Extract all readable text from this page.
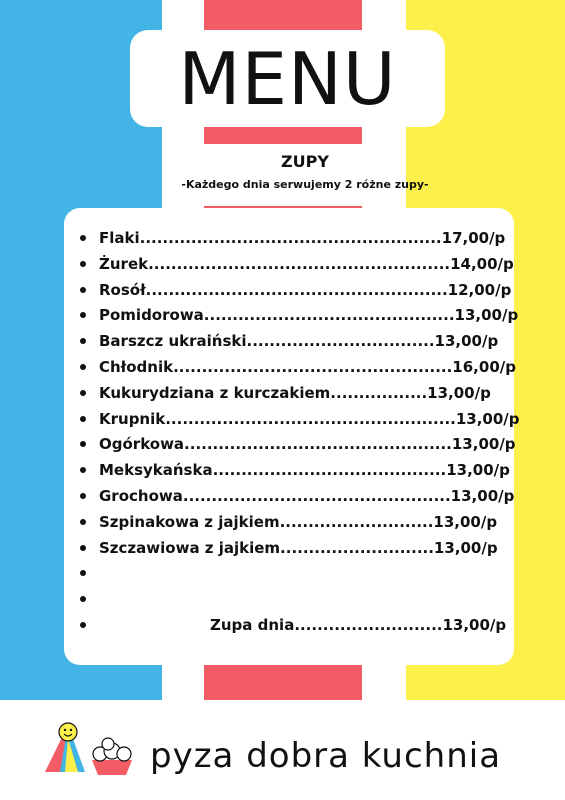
MENU
ZUPY
-Każdego dnia serwujemy 2 różne zupy-
Flaki.....................................................17,00/p
Żurek.....................................................14,00/p
Rosół.....................................................12,00/p
Pomidorowa............................................13,00/p
Barszcz ukraiński.................................13,00/p
Chłodnik.................................................16,00/p
Kukurydziana z kurczakiem.................13,00/p
Krupnik...................................................13,00/p
Ogórkowa...............................................13,00/p
Meksykańska.........................................13,00/p
Grochowa...............................................13,00/p
Szpinakowa z jajkiem...........................13,00/p
Szczawiowa z jajkiem...........................13,00/p
Zupa dnia..........................13,00/p
pyza dobra kuchnia
